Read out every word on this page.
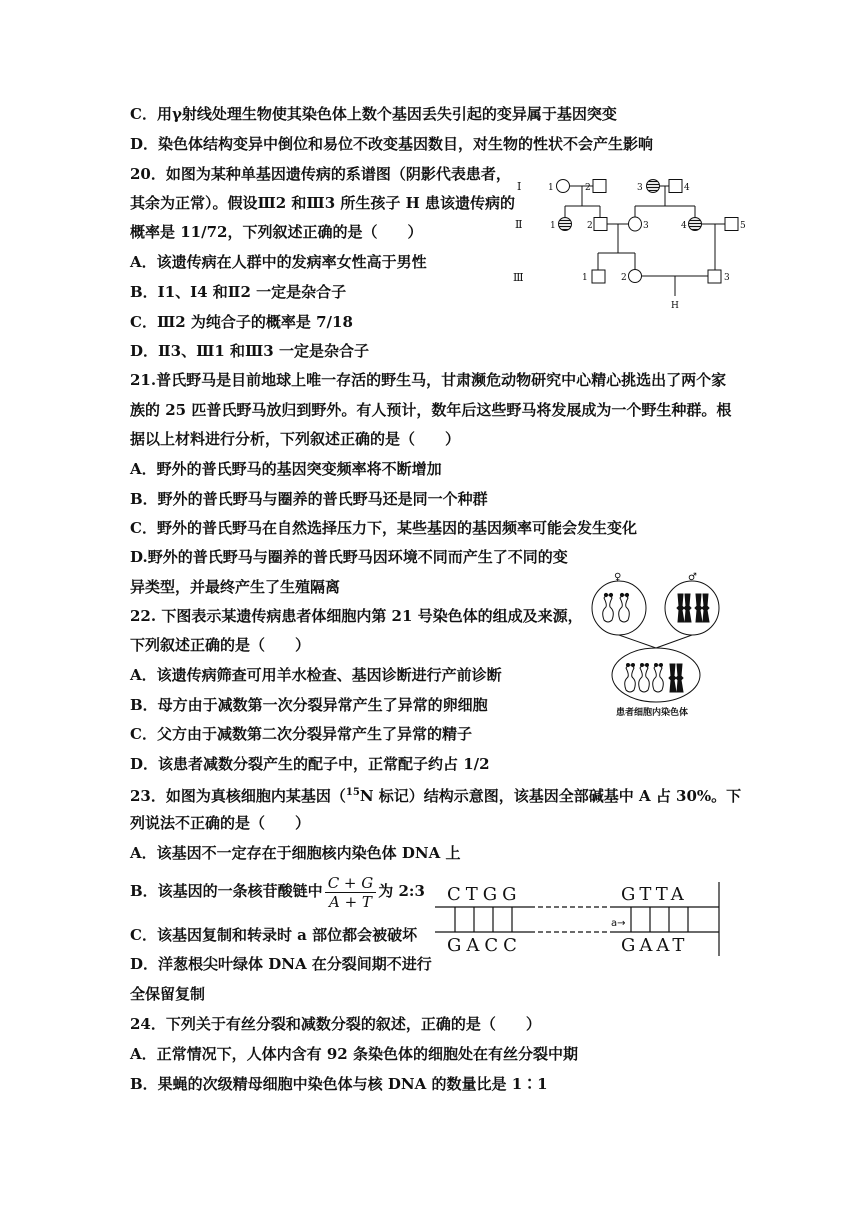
C．用γ射线处理生物使其染色体上数个基因丢失引起的变异属于基因突变
D．染色体结构变异中倒位和易位不改变基因数目，对生物的性状不会产生影响
20．如图为某种单基因遗传病的系谱图（阴影代表患者，
其余为正常）。假设Ⅲ2 和Ⅲ3 所生孩子 H 患该遗传病的
概率是 11/72，下列叙述正确的是（　　）
A．该遗传病在人群中的发病率女性高于男性
B．Ⅰ1、Ⅰ4 和Ⅱ2 一定是杂合子
C．Ⅲ2 为纯合子的概率是 7/18
D．Ⅱ3、Ⅲ1 和Ⅲ3 一定是杂合子
21.普氏野马是目前地球上唯一存活的野生马，甘肃濒危动物研究中心精心挑选出了两个家
族的 25 匹普氏野马放归到野外。有人预计，数年后这些野马将发展成为一个野生种群。根
据以上材料进行分析，下列叙述正确的是（　　）
A．野外的普氏野马的基因突变频率将不断增加
B．野外的普氏野马与圈养的普氏野马还是同一个种群
C．野外的普氏野马在自然选择压力下，某些基因的基因频率可能会发生变化
D.野外的普氏野马与圈养的普氏野马因环境不同而产生了不同的变
异类型，并最终产生了生殖隔离
22. 下图表示某遗传病患者体细胞内第 21 号染色体的组成及来源，
下列叙述正确的是（　　）
A．该遗传病筛查可用羊水检查、基因诊断进行产前诊断
B．母方由于减数第一次分裂异常产生了异常的卵细胞
C．父方由于减数第二次分裂异常产生了异常的精子
D．该患者减数分裂产生的配子中，正常配子约占 1/2
23．如图为真核细胞内某基因（$^{15}$N 标记）结构示意图，该基因全部碱基中 A 占 30%。下
列说法不正确的是（　　）
A．该基因不一定存在于细胞核内染色体 DNA 上
B．该基因的一条核苷酸链中 $\frac{C + G}{A + T}$ 为 2:3
C．该基因复制和转录时 a 部位都会被破坏
D．洋葱根尖叶绿体 DNA 在分裂间期不进行
全保留复制
24．下列关于有丝分裂和减数分裂的叙述，正确的是（　　）
A．正常情况下，人体内含有 92 条染色体的细胞处在有丝分裂中期
B．果蝇的次级精母细胞中染色体与核 DNA 的数量比是 1∶1
Ⅰ
Ⅱ
Ⅲ
1	2	3	4
1	2	3	4	5
1	2	3
H
♀	♂
患者细胞内染色体
CTGG	GTTA
GACC	GAAT
a→
